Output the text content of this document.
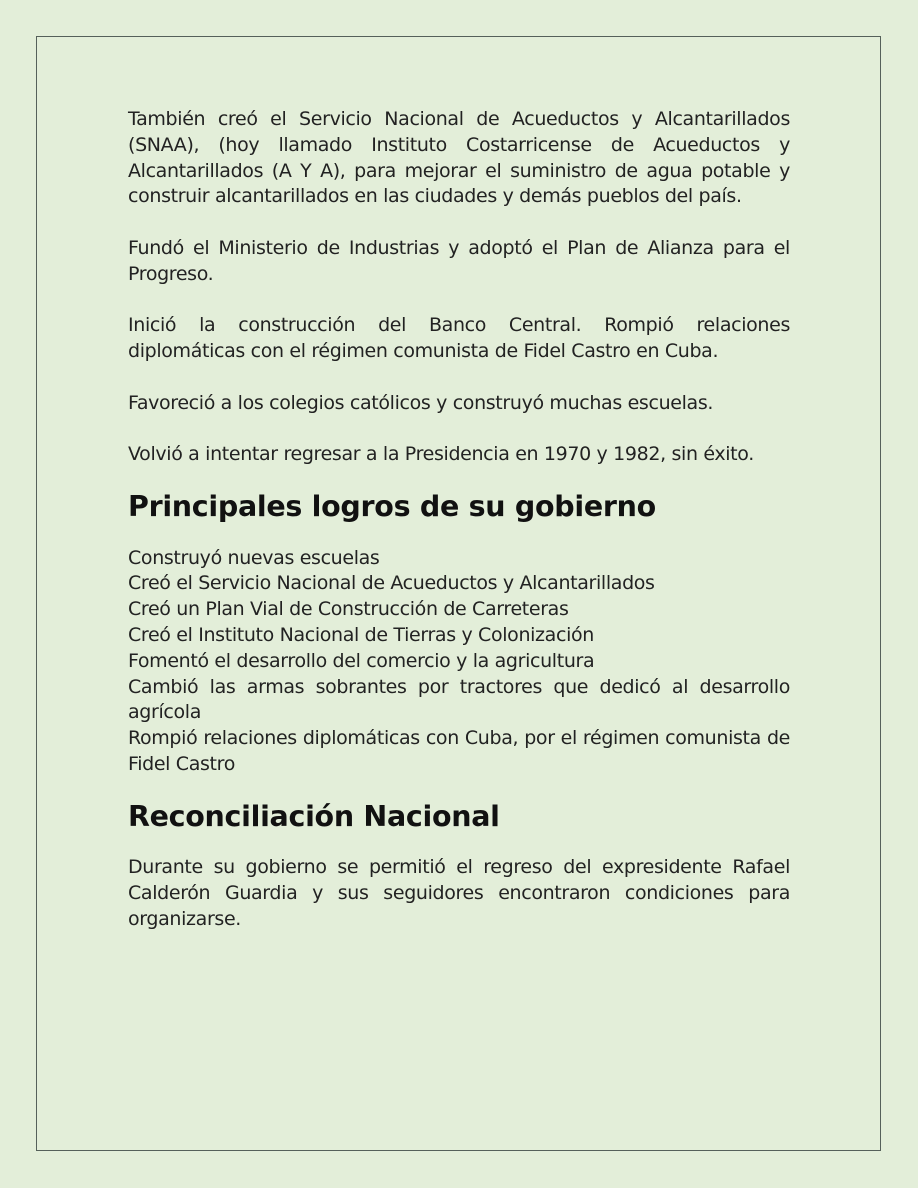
También creó el Servicio Nacional de Acueductos y Alcantarillados (SNAA), (hoy llamado Instituto Costarricense de Acueductos y Alcantarillados (A Y A), para mejorar el suministro de agua potable y construir alcantarillados en las ciudades y demás pueblos del país.

Fundó el Ministerio de Industrias y adoptó el Plan de Alianza para el Progreso.

Inició la construcción del Banco Central. Rompió relaciones diplomáticas con el régimen comunista de Fidel Castro en Cuba.

Favoreció a los colegios católicos y construyó muchas escuelas.

Volvió a intentar regresar a la Presidencia en 1970 y 1982, sin éxito.

Principales logros de su gobierno
Construyó nuevas escuelas
Creó el Servicio Nacional de Acueductos y Alcantarillados
Creó un Plan Vial de Construcción de Carreteras
Creó el Instituto Nacional de Tierras y Colonización
Fomentó el desarrollo del comercio y la agricultura
Cambió las armas sobrantes por tractores que dedicó al desarrollo agrícola
Rompió relaciones diplomáticas con Cuba, por el régimen comunista de Fidel Castro
Reconciliación Nacional

Durante su gobierno se permitió el regreso del expresidente Rafael Calderón Guardia y sus seguidores encontraron condiciones para organizarse.
